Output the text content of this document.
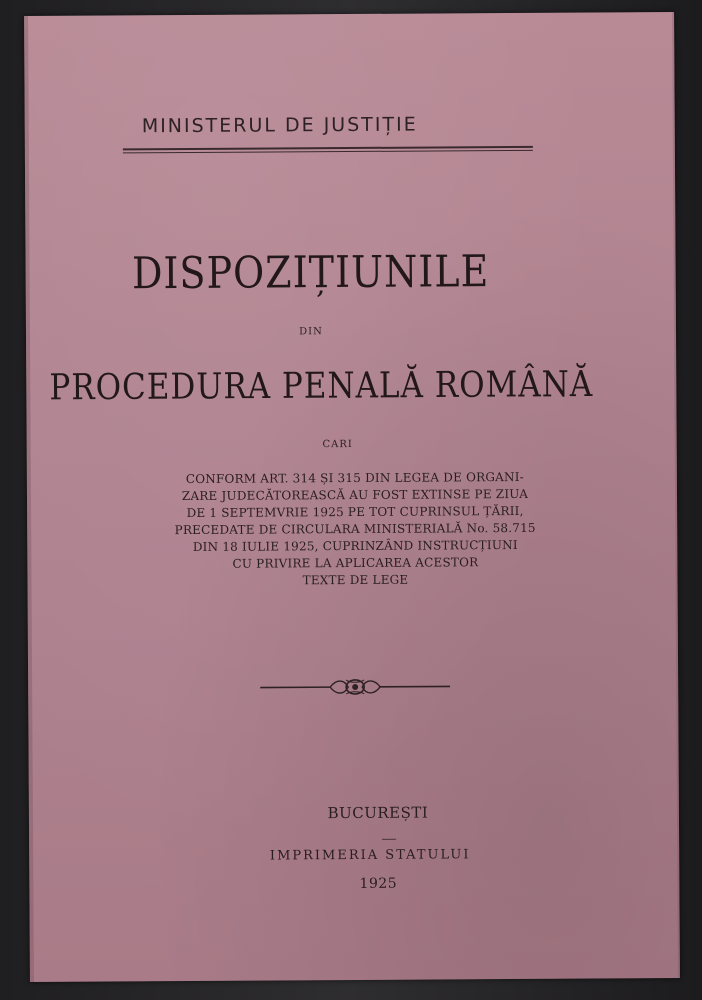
MINISTERUL DE JUSTIȚIE
DISPOZIȚIUNILE
DIN
PROCEDURA PENALĂ ROMÂNĂ
CARI
CONFORM ART. 314 ȘI 315 DIN LEGEA DE ORGANI-
ZARE JUDECĂTOREASCĂ AU FOST EXTINSE PE ZIUA
DE 1 SEPTEMVRIE 1925 PE TOT CUPRINSUL ȚĂRII,
PRECEDATE DE CIRCULARA MINISTERIALĂ No. 58.715
DIN 18 IULIE 1925, CUPRINZÂND INSTRUCȚIUNI
CU PRIVIRE LA APLICAREA ACESTOR
TEXTE DE LEGE
BUCUREȘTI
IMPRIMERIA STATULUI
1925
